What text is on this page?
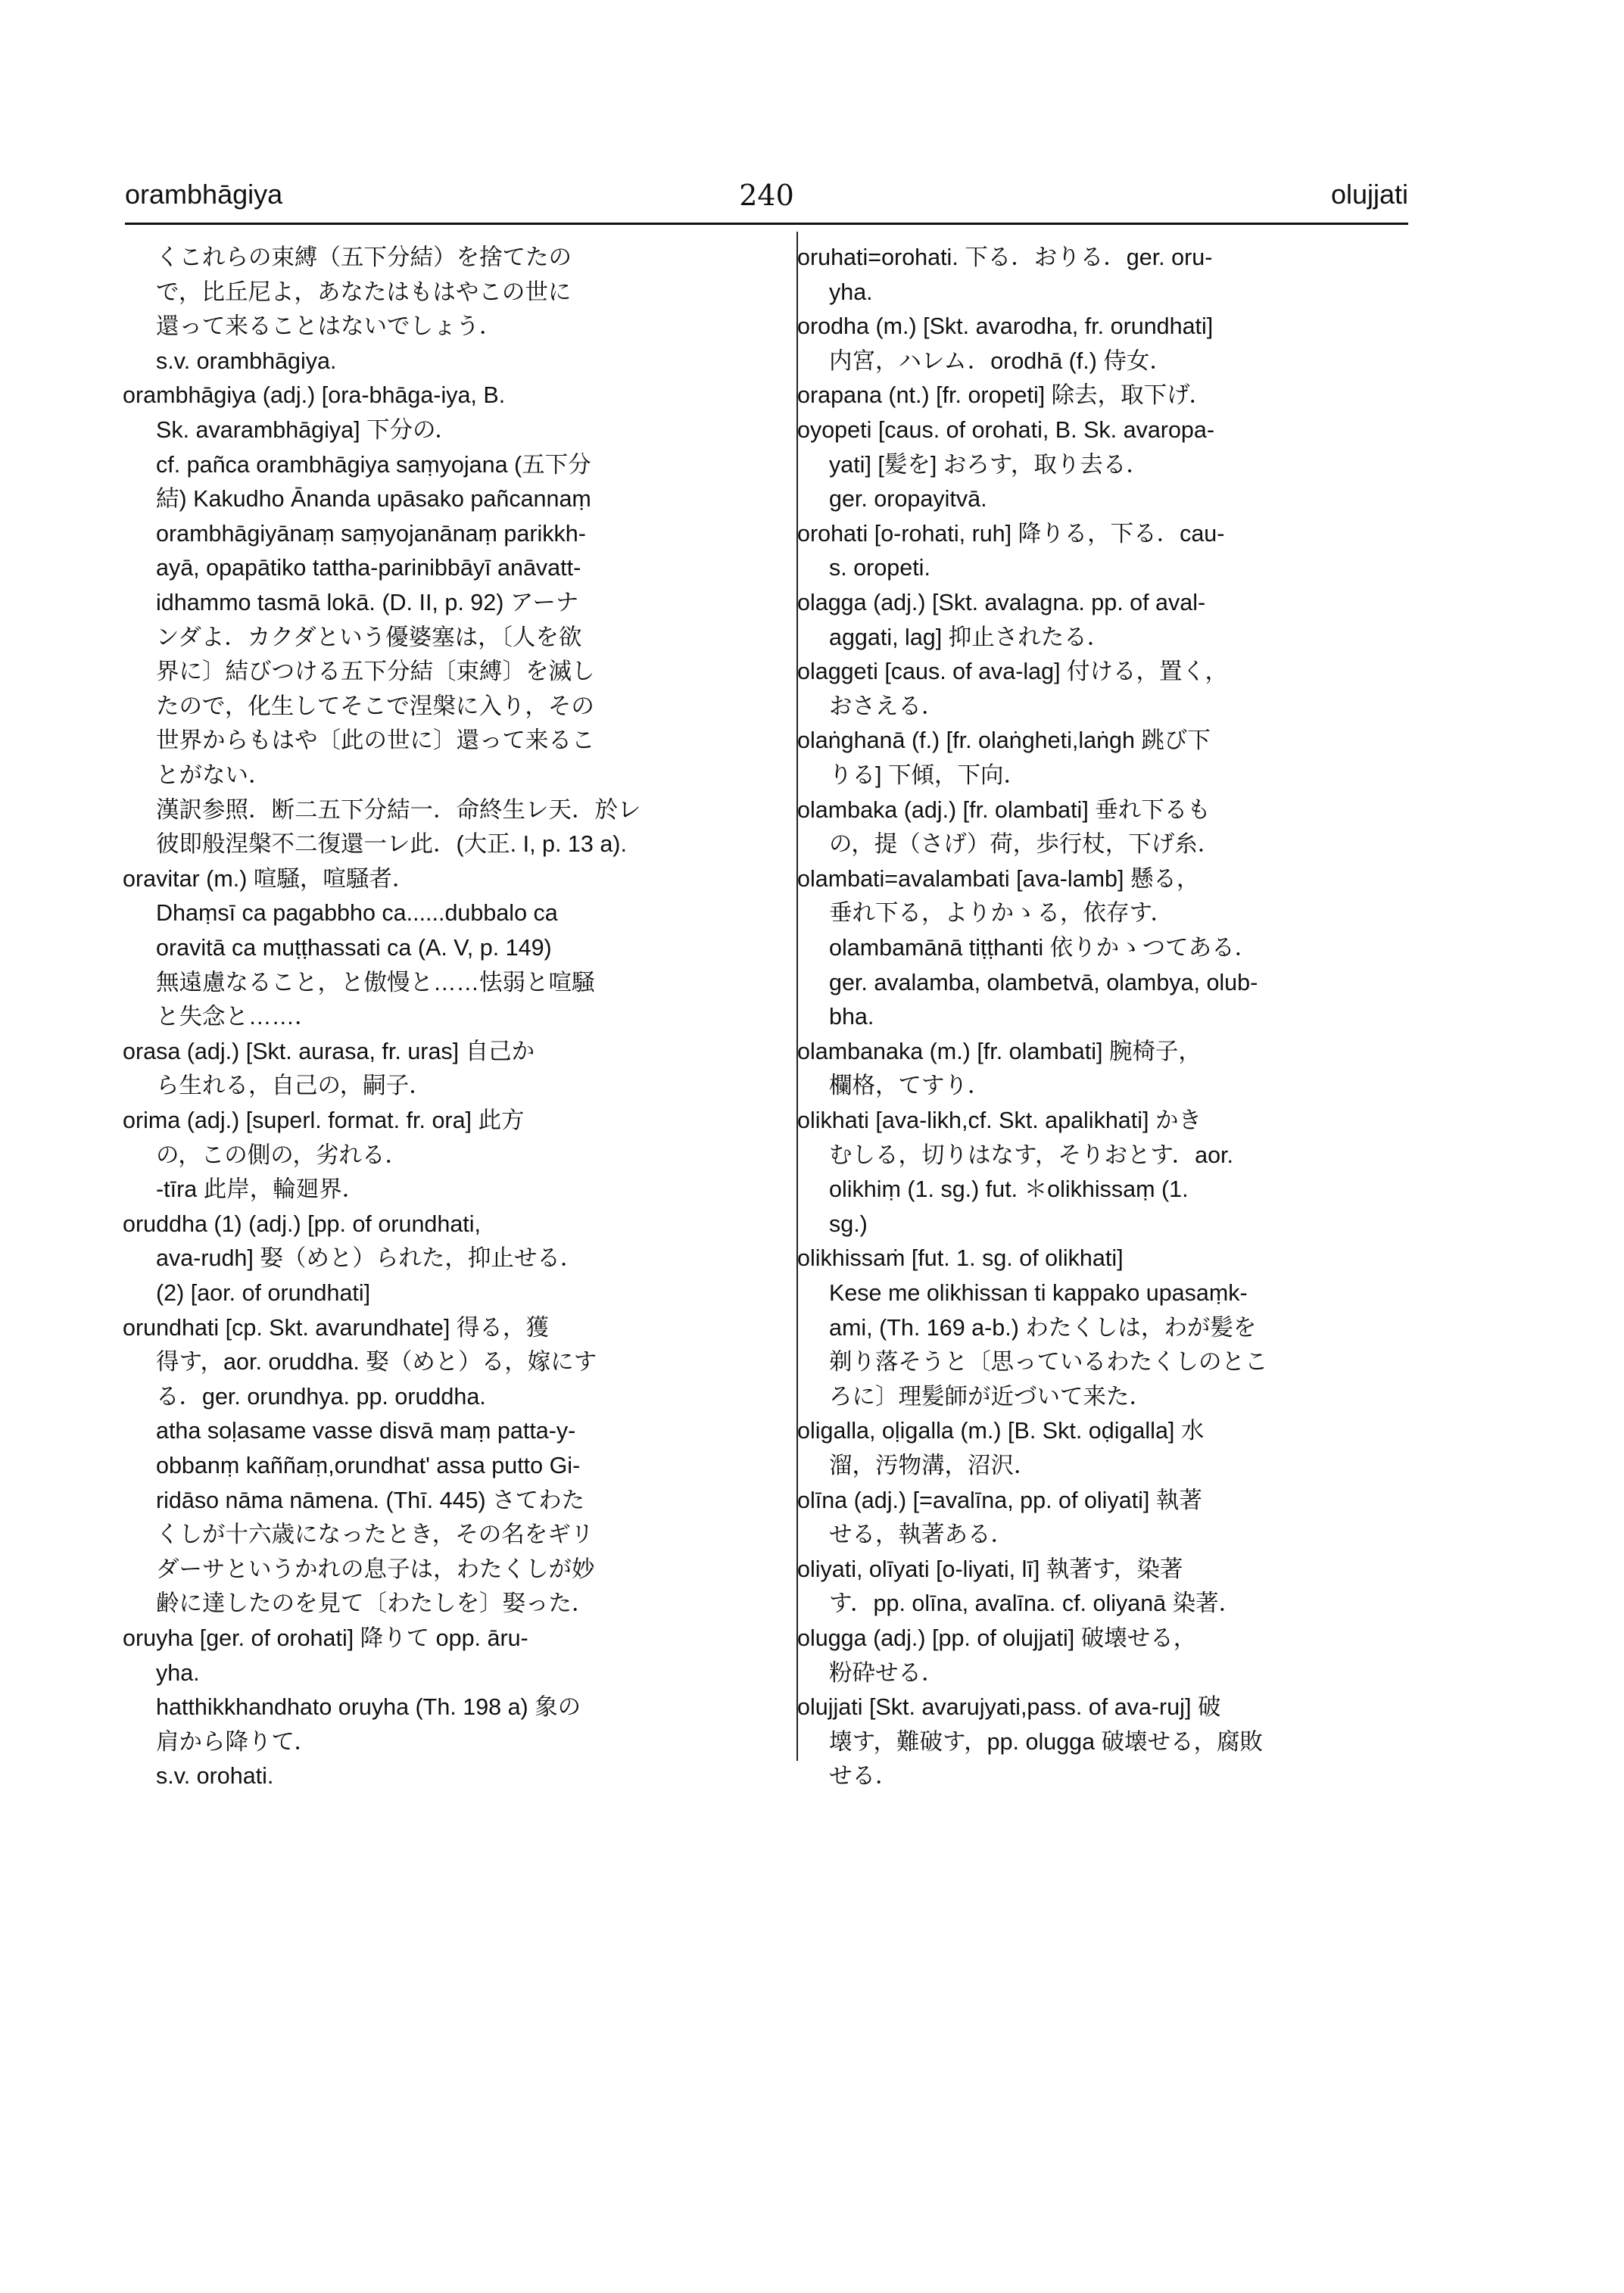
orambhāgiya	240	olujjati
くこれらの束縛（五下分結）を捨てたの
で，比丘尼よ，あなたはもはやこの世に
還って来ることはないでしょう．
s.v. orambhāgiya.
orambhāgiya (adj.) [ora-bhāga-iya, B.
Sk. avarambhāgiya] 下分の．
cf. pañca orambhāgiya saṃyojana (五下分
結) Kakudho Ānanda upāsako pañcannaṃ
orambhāgiyānaṃ saṃyojanānaṃ parikkh-
ayā, opapātiko tattha-parinibbāyī anāvatt-
idhammo tasmā lokā. (D. II, p. 92) アーナ
ンダよ．カクダという優婆塞は，〔人を欲
界に〕結びつける五下分結〔束縛〕を滅し
たので，化生してそこで涅槃に入り，その
世界からもはや〔此の世に〕還って来るこ
とがない．
漢訳参照．断二五下分結一．命終生レ天．於レ
彼即般涅槃不二復還一レ此．(大正. I, p. 13 a).
oravitar (m.) 喧騒，喧騒者．
Dhaṃsī ca pagabbho ca......dubbalo ca
oravitā ca muṭṭhassati ca (A. V, p. 149)
無遠慮なること，と傲慢と……怯弱と喧騒
と失念と……．
orasa (adj.) [Skt. aurasa, fr. uras] 自己か
ら生れる，自己の，嗣子．
orima (adj.) [superl. format. fr. ora] 此方
の，この側の，劣れる．
-tīra 此岸，輪廻界．
oruddha (1) (adj.) [pp. of orundhati,
ava-rudh] 娶（めと）られた，抑止せる．
(2) [aor. of orundhati]
orundhati [cp. Skt. avarundhate] 得る，獲
得す，aor. oruddha. 娶（めと）る，嫁にす
る．ger. orundhya. pp. oruddha.
atha soḷasame vasse disvā maṃ patta-y-
obbanṃ kaññaṃ,orundhat' assa putto Gi-
ridāso nāma nāmena. (Thī. 445) さてわた
くしが十六歳になったとき，その名をギリ
ダーサというかれの息子は，わたくしが妙
齢に達したのを見て〔わたしを〕娶った．
oruyha [ger. of orohati] 降りて opp. āru-
yha.
hatthikkhandhato oruyha (Th. 198 a) 象の
肩から降りて．
s.v. orohati.
oruhati=orohati. 下る．おりる．ger. oru-
yha.
orodha (m.) [Skt. avarodha, fr. orundhati]
内宮，ハレム．orodhā (f.) 侍女．
orapana (nt.) [fr. oropeti] 除去，取下げ．
oyopeti [caus. of orohati, B. Sk. avaropa-
yati] [髪を] おろす，取り去る．
ger. oropayitvā.
orohati [o-rohati, ruh] 降りる，下る．cau-
s. oropeti.
olagga (adj.) [Skt. avalagna. pp. of aval-
aggati, lag] 抑止されたる．
olaggeti [caus. of ava-lag] 付ける，置く，
おさえる．
olaṅghanā (f.) [fr. olaṅgheti,laṅgh 跳び下
りる] 下傾，下向．
olambaka (adj.) [fr. olambati] 垂れ下るも
の，提（さげ）荷，歩行杖，下げ糸．
olambati=avalambati [ava-lamb] 懸る，
垂れ下る，よりかゝる，依存す．
olambamānā tiṭṭhanti 依りかゝつてある．
ger. avalamba, olambetvā, olambya, olub-
bha.
olambanaka (m.) [fr. olambati] 腕椅子，
欄格，てすり．
olikhati [ava-likh,cf. Skt. apalikhati] かき
むしる，切りはなす，そりおとす．aor.
olikhiṃ (1. sg.) fut. ＊olikhissaṃ (1.
sg.)
olikhissaṁ [fut. 1. sg. of olikhati]
Kese me olikhissan ti kappako upasaṃk-
ami, (Th. 169 a-b.) わたくしは，わが髪を
剃り落そうと〔思っているわたくしのとこ
ろに〕理髪師が近づいて来た．
oligalla, oḷigalla (m.) [B. Skt. oḍigalla] 水
溜，汚物溝，沼沢．
olīna (adj.) [=avalīna, pp. of oliyati] 執著
せる，執著ある．
oliyati, olīyati [o-liyati, lī] 執著す，染著
す．pp. olīna, avalīna. cf. oliyanā 染著．
olugga (adj.) [pp. of olujjati] 破壊せる，
粉砕せる．
olujjati [Skt. avarujyati,pass. of ava-ruj] 破
壊す，難破す，pp. olugga 破壊せる，腐敗
せる．
